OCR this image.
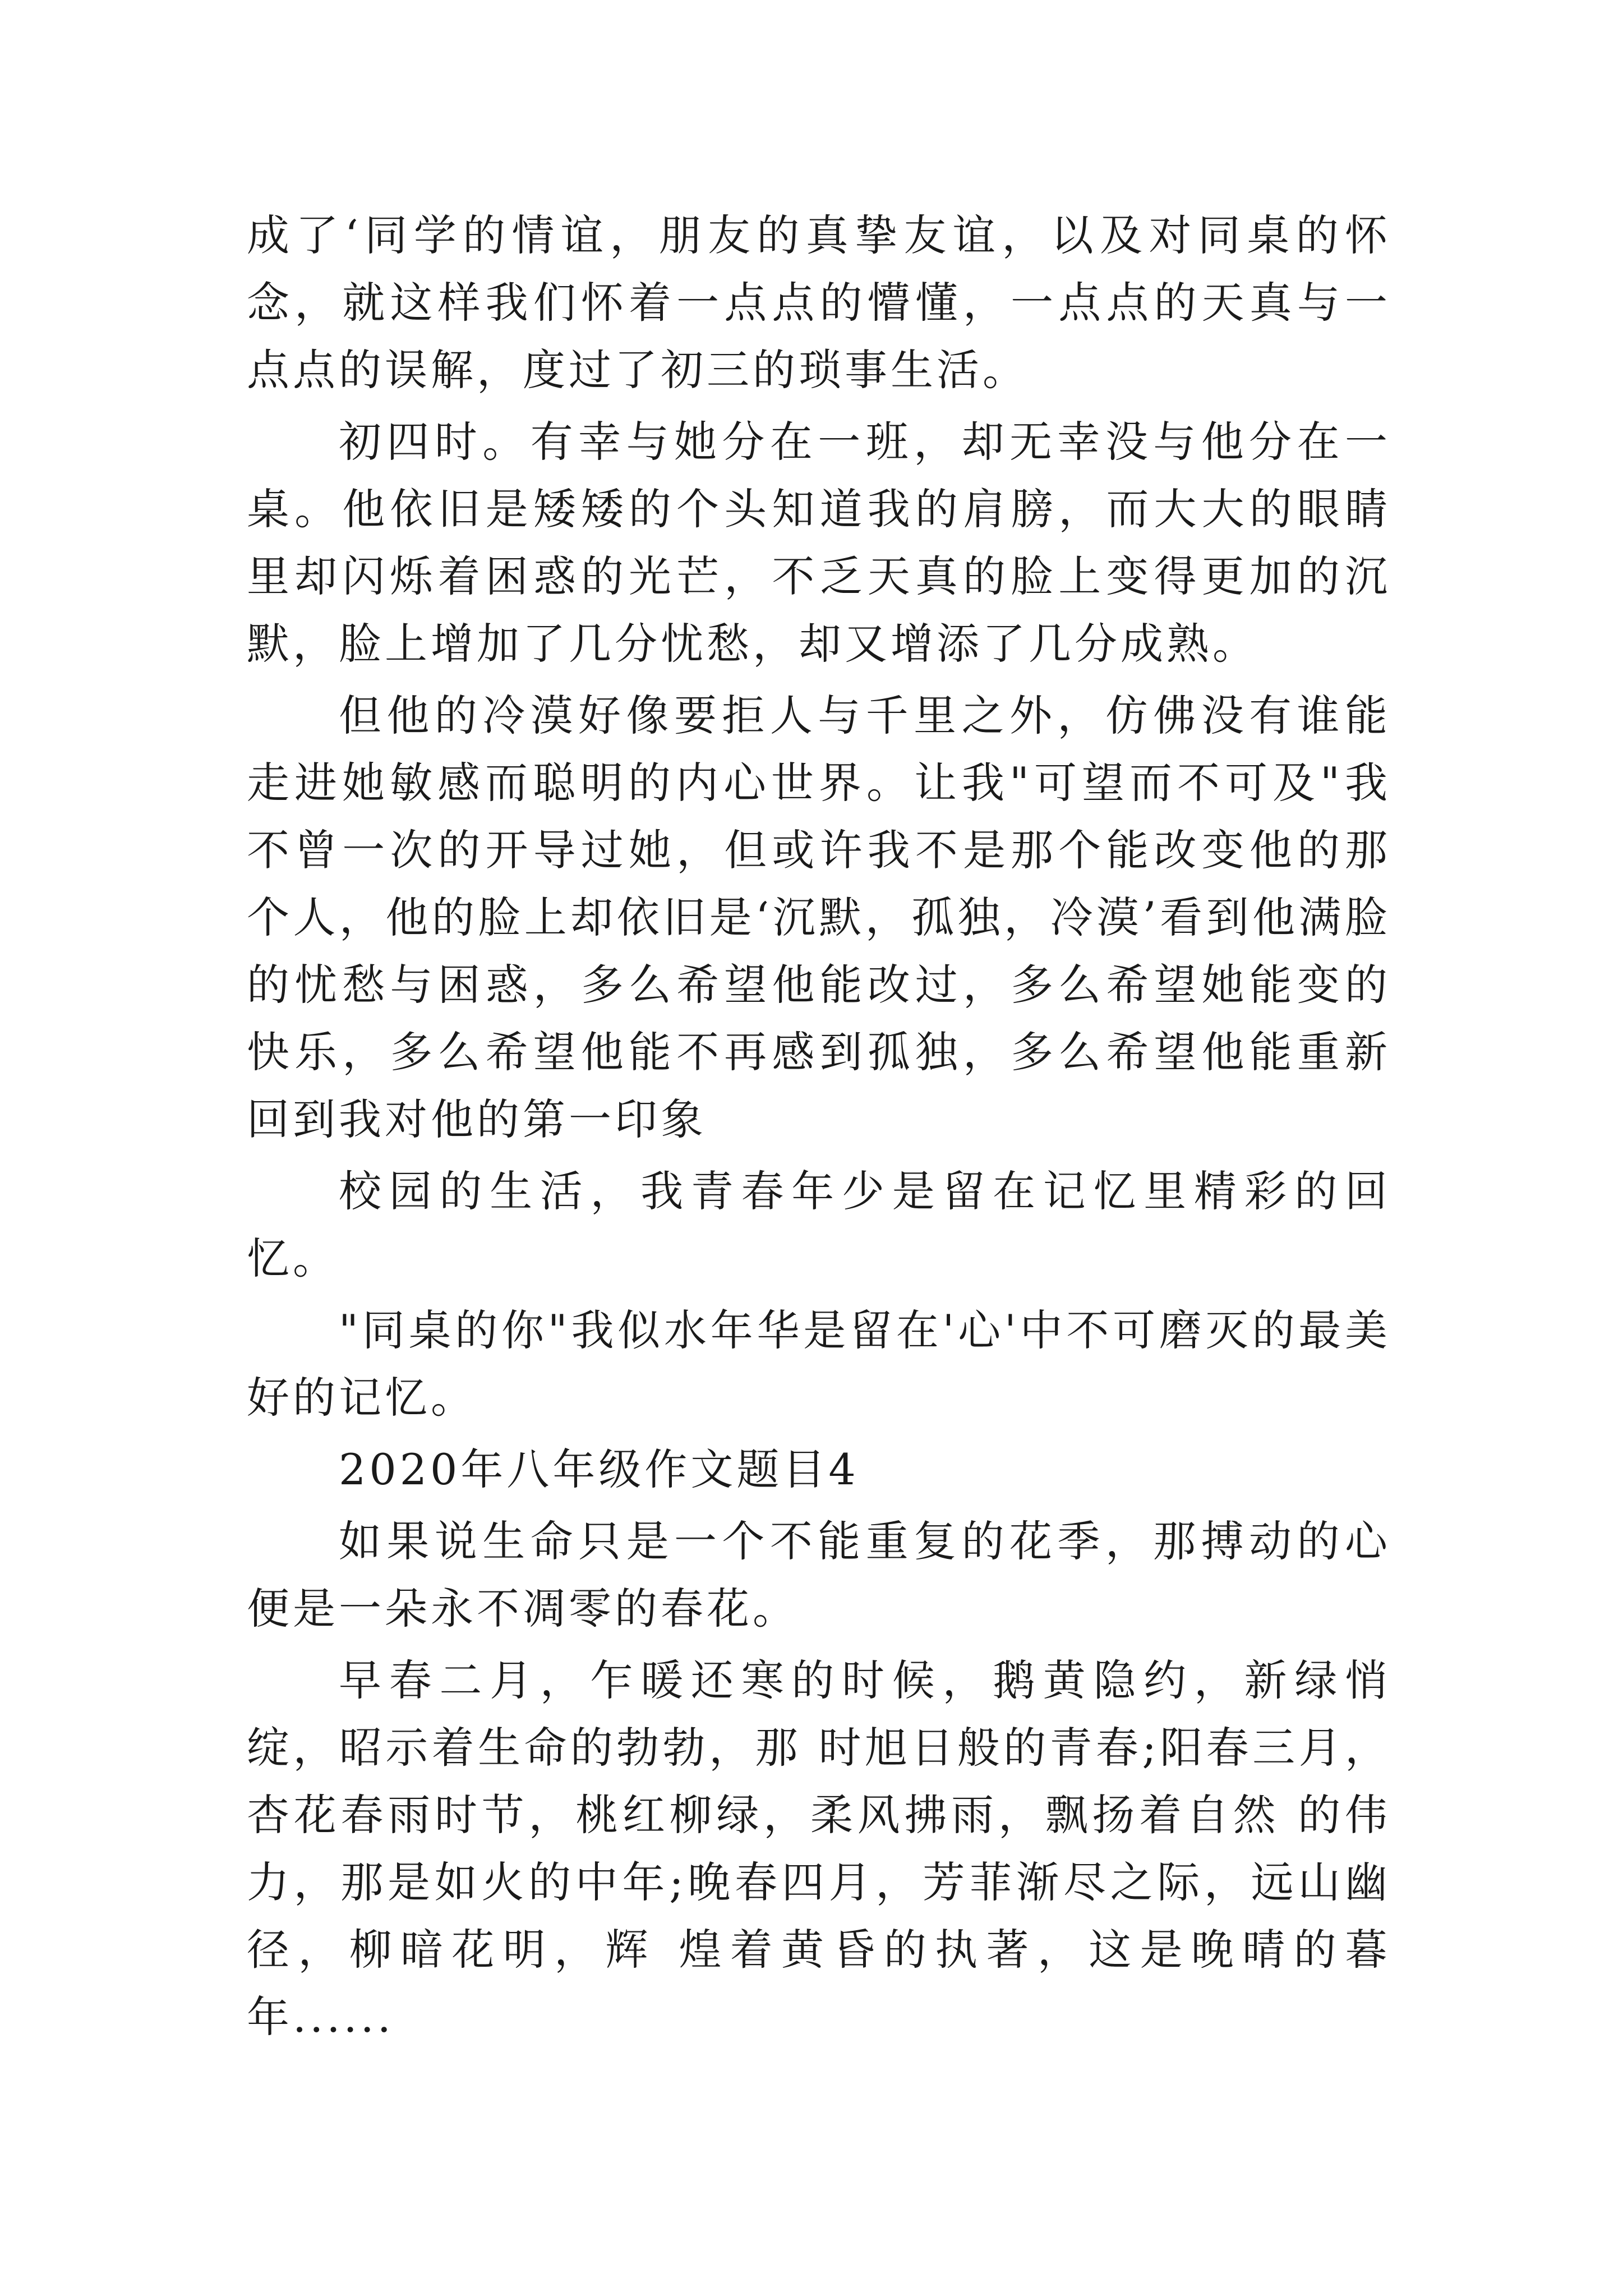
成了‘同学的情谊，朋友的真挚友谊，以及对同桌的怀念，就这样我们怀着一点点的懵懂，一点点的天真与一点点的误解，度过了初三的琐事生活。

初四时。有幸与她分在一班，却无幸没与他分在一桌。他依旧是矮矮的个头知道我的肩膀，而大大的眼睛里却闪烁着困惑的光芒，不乏天真的脸上变得更加的沉默，脸上增加了几分忧愁，却又增添了几分成熟。

但他的冷漠好像要拒人与千里之外，仿佛没有谁能走进她敏感而聪明的内心世界。让我"可望而不可及"我不曾一次的开导过她，但或许我不是那个能改变他的那个人，他的脸上却依旧是‘沉默，孤独，冷漠’看到他满脸的忧愁与困惑，多么希望他能改过，多么希望她能变的快乐，多么希望他能不再感到孤独，多么希望他能重新回到我对他的第一印象

校园的生活，我青春年少是留在记忆里精彩的回忆。

"同桌的你"我似水年华是留在'心'中不可磨灭的最美好的记忆。

2020年八年级作文题目4

如果说生命只是一个不能重复的花季，那搏动的心便是一朵永不凋零的春花。

早春二月，乍暖还寒的时候，鹅黄隐约，新绿悄绽，昭示着生命的勃勃，那 时旭日般的青春;阳春三月，杏花春雨时节，桃红柳绿，柔风拂雨，飘扬着自然 的伟力，那是如火的中年;晚春四月，芳菲渐尽之际，远山幽径，柳暗花明，辉 煌着黄昏的执著，这是晚晴的暮年......
